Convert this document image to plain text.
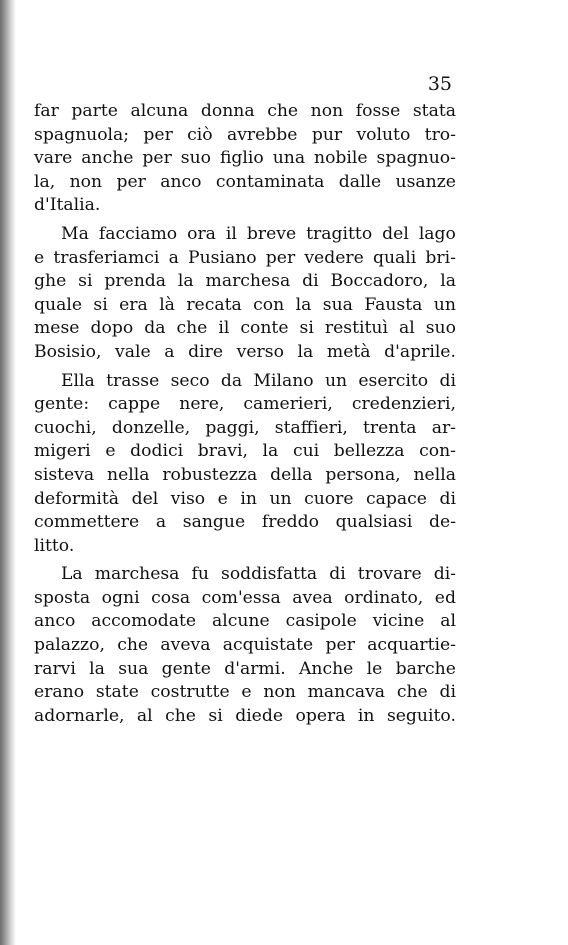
35
far parte alcuna donna che non fosse stata
spagnuola; per ciò avrebbe pur voluto tro-
vare anche per suo figlio una nobile spagnuo-
la, non per anco contaminata dalle usanze
d'Italia.
Ma facciamo ora il breve tragitto del lago
e trasferiamci a Pusiano per vedere quali bri-
ghe si prenda la marchesa di Boccadoro, la
quale si era là recata con la sua Fausta un
mese dopo da che il conte si restituì al suo
Bosisio, vale a dire verso la metà d'aprile.
Ella trasse seco da Milano un esercito di
gente: cappe nere, camerieri, credenzieri,
cuochi, donzelle, paggi, staffieri, trenta ar-
migeri e dodici bravi, la cui bellezza con-
sisteva nella robustezza della persona, nella
deformità del viso e in un cuore capace di
commettere a sangue freddo qualsiasi de-
litto.
La marchesa fu soddisfatta di trovare di-
sposta ogni cosa com'essa avea ordinato, ed
anco accomodate alcune casipole vicine al
palazzo, che aveva acquistate per acquartie-
rarvi la sua gente d'armi. Anche le barche
erano state costrutte e non mancava che di
adornarle, al che si diede opera in seguito.
